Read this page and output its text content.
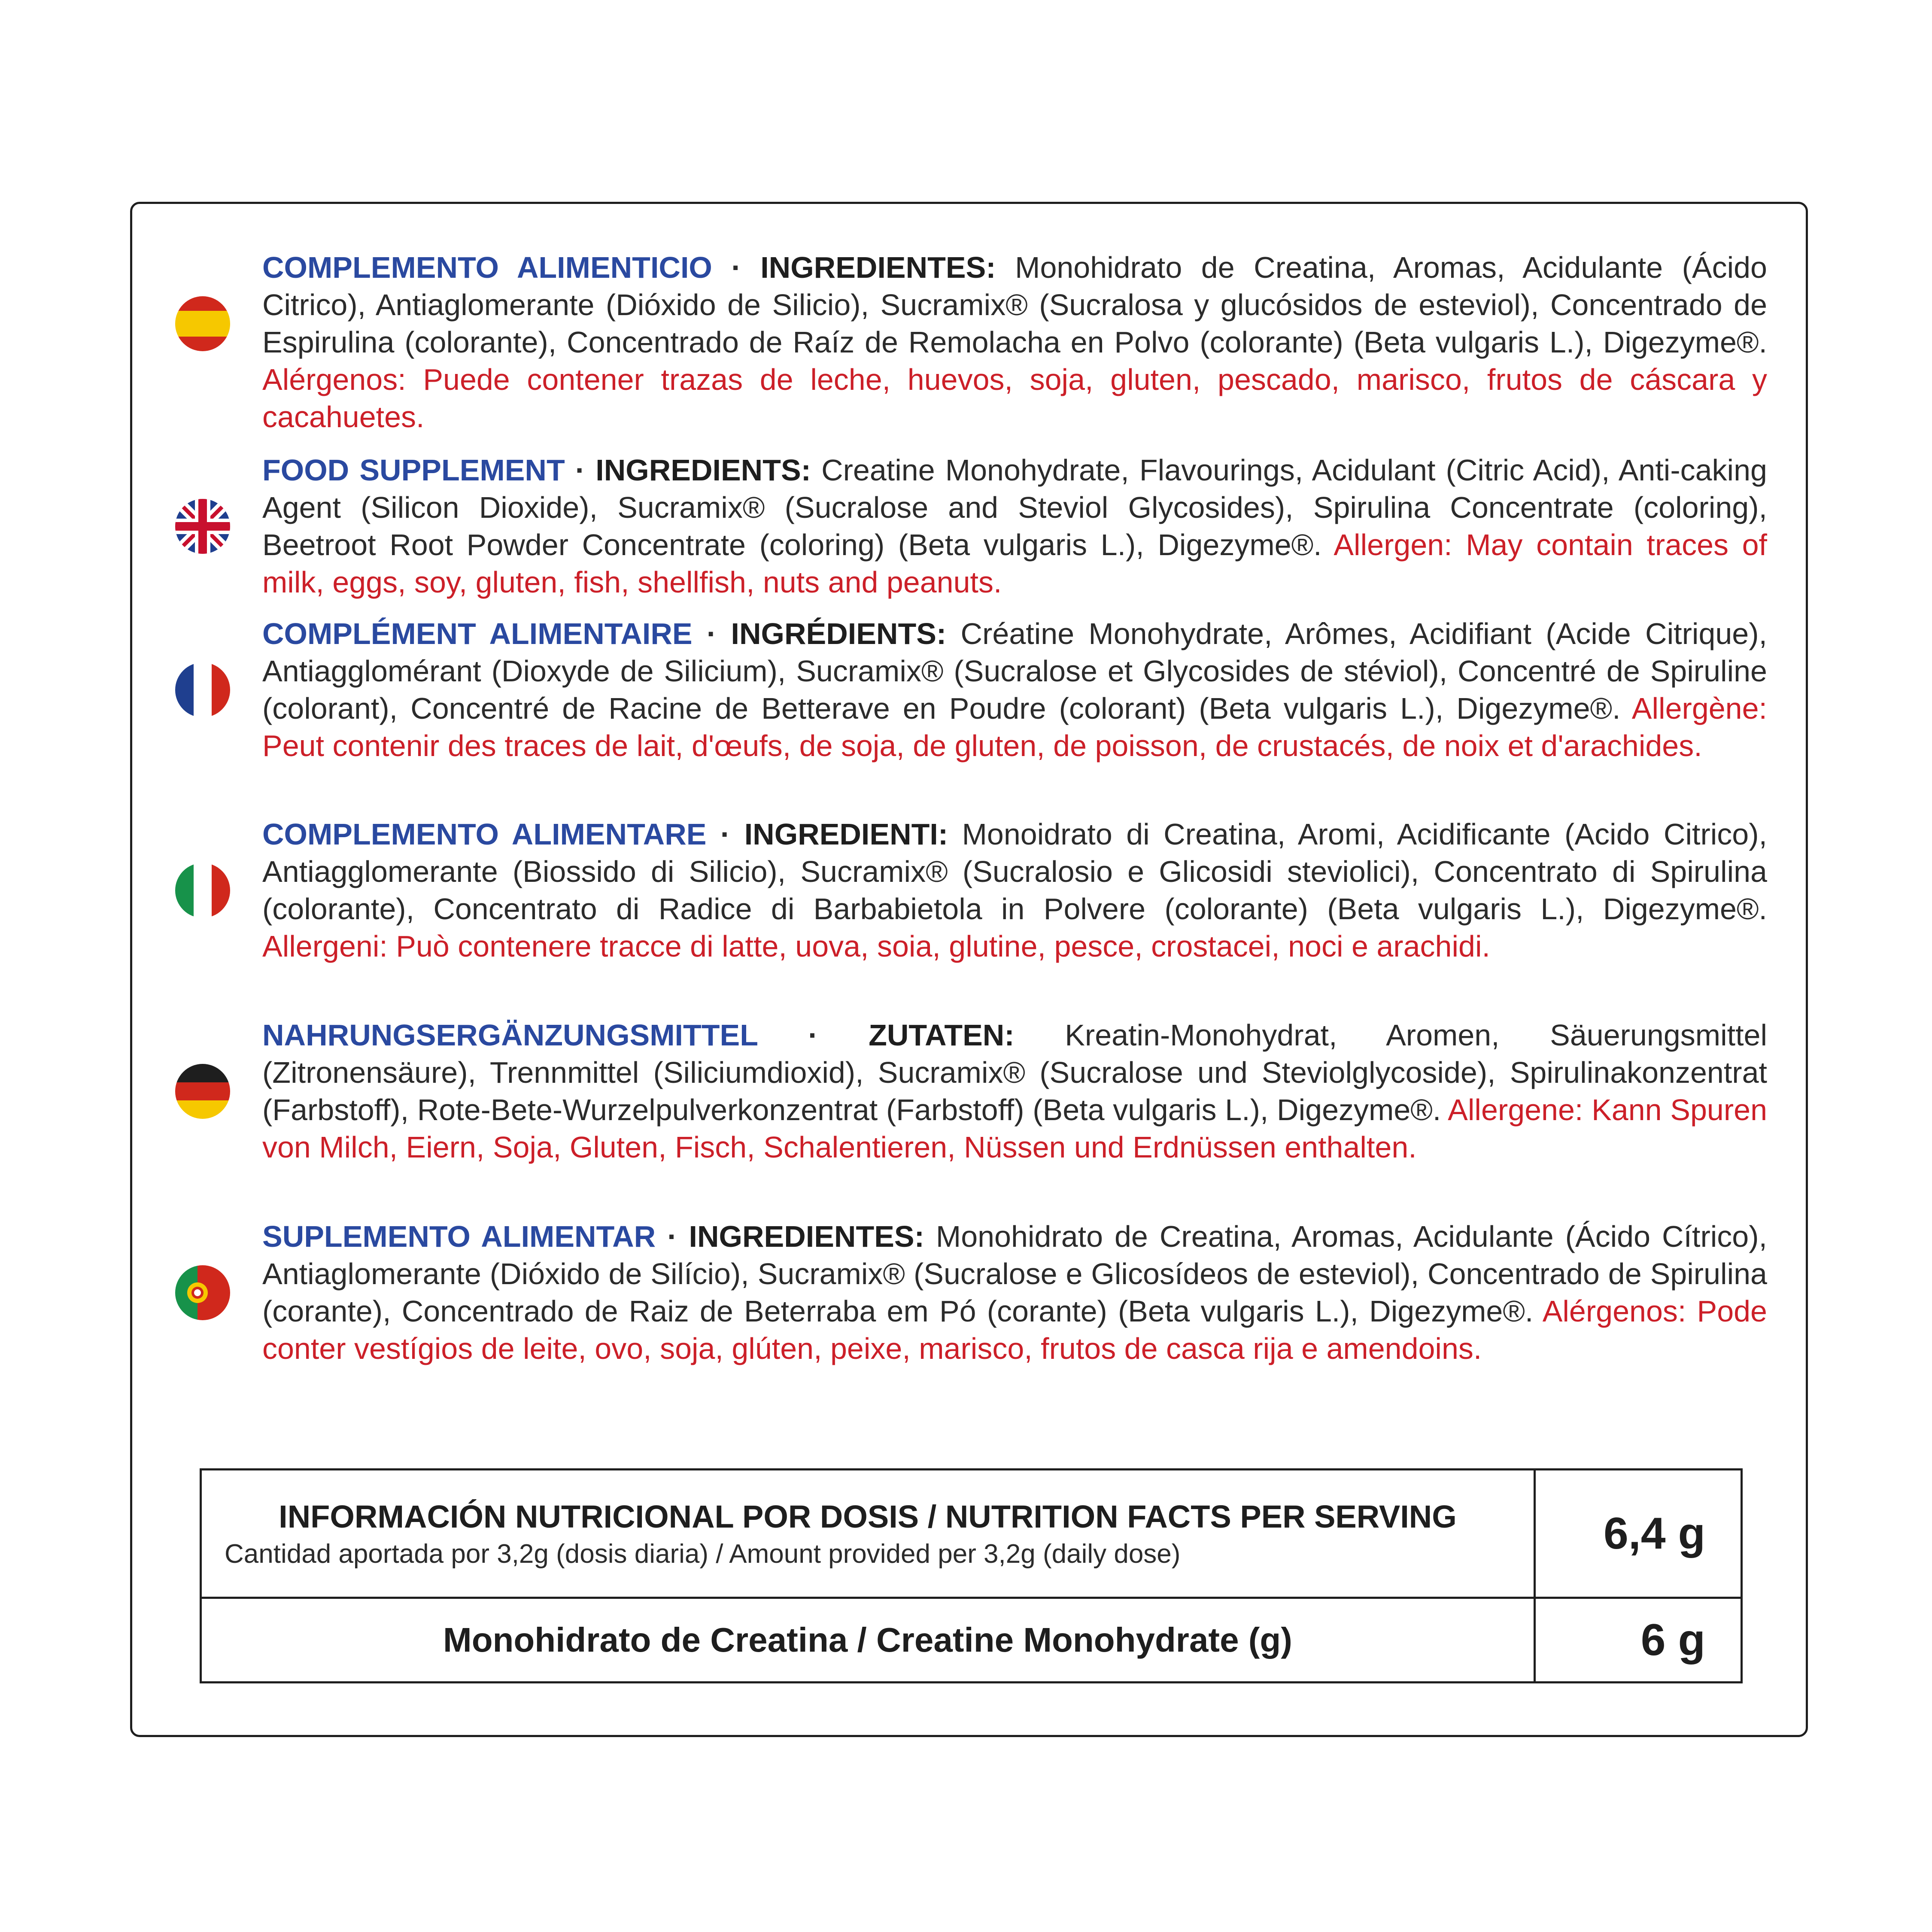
COMPLEMENTO ALIMENTICIO · INGREDIENTES: Monohidrato de Creatina, Aromas, Acidulante (Ácido Citrico), Antiaglomerante (Dióxido de Silicio), Sucramix® (Sucralosa y glucósidos de esteviol), Concentrado de Espirulina (colorante), Concentrado de Raíz de Remolacha en Polvo (colorante) (Beta vulgaris L.), Digezyme®. Alérgenos: Puede contener trazas de leche, huevos, soja, gluten, pescado, marisco, frutos de cáscara y cacahuetes.

FOOD SUPPLEMENT · INGREDIENTS: Creatine Monohydrate, Flavourings, Acidulant (Citric Acid), Anti-caking Agent (Silicon Dioxide), Sucramix® (Sucralose and Steviol Glycosides), Spirulina Concentrate (coloring), Beetroot Root Powder Concentrate (coloring) (Beta vulgaris L.), Digezyme®. Allergen: May contain traces of milk, eggs, soy, gluten, fish, shellfish, nuts and peanuts.

COMPLÉMENT ALIMENTAIRE · INGRÉDIENTS: Créatine Monohydrate, Arômes, Acidifiant (Acide Citrique), Antiagglomérant (Dioxyde de Silicium), Sucramix® (Sucralose et Glycosides de stéviol), Concentré de Spiruline (colorant), Concentré de Racine de Betterave en Poudre (colorant) (Beta vulgaris L.), Digezyme®. Allergène: Peut contenir des traces de lait, d'œufs, de soja, de gluten, de poisson, de crustacés, de noix et d'arachides.

COMPLEMENTO ALIMENTARE · INGREDIENTI: Monoidrato di Creatina, Aromi, Acidificante (Acido Citrico), Antiagglomerante (Biossido di Silicio), Sucramix® (Sucralosio e Glicosidi steviolici), Concentrato di Spirulina (colorante), Concentrato di Radice di Barbabietola in Polvere (colorante) (Beta vulgaris L.), Digezyme®. Allergeni: Può contenere tracce di latte, uova, soia, glutine, pesce, crostacei, noci e arachidi.

NAHRUNGSERGÄNZUNGSMITTEL · ZUTATEN: Kreatin-Monohydrat, Aromen, Säuerungsmittel (Zitronensäure), Trennmittel (Siliciumdioxid), Sucramix® (Sucralose und Steviolglycoside), Spirulinakonzentrat (Farbstoff), Rote-Bete-Wurzelpulverkonzentrat (Farbstoff) (Beta vulgaris L.), Digezyme®. Allergene: Kann Spuren von Milch, Eiern, Soja, Gluten, Fisch, Schalentieren, Nüssen und Erdnüssen enthalten.

SUPLEMENTO ALIMENTAR · INGREDIENTES: Monohidrato de Creatina, Aromas, Acidulante (Ácido Cítrico), Antiaglomerante (Dióxido de Silício), Sucramix® (Sucralose e Glicosídeos de esteviol), Concentrado de Spirulina (corante), Concentrado de Raiz de Beterraba em Pó (corante) (Beta vulgaris L.), Digezyme®. Alérgenos: Pode conter vestígios de leite, ovo, soja, glúten, peixe, marisco, frutos de casca rija e amendoins.

INFORMACIÓN NUTRICIONAL POR DOSIS / NUTRITION FACTS PER SERVING
Cantidad aportada por 3,2g (dosis diaria) / Amount provided per 3,2g (daily dose)	6,4 g
Monohidrato de Creatina / Creatine Monohydrate (g)	6 g
